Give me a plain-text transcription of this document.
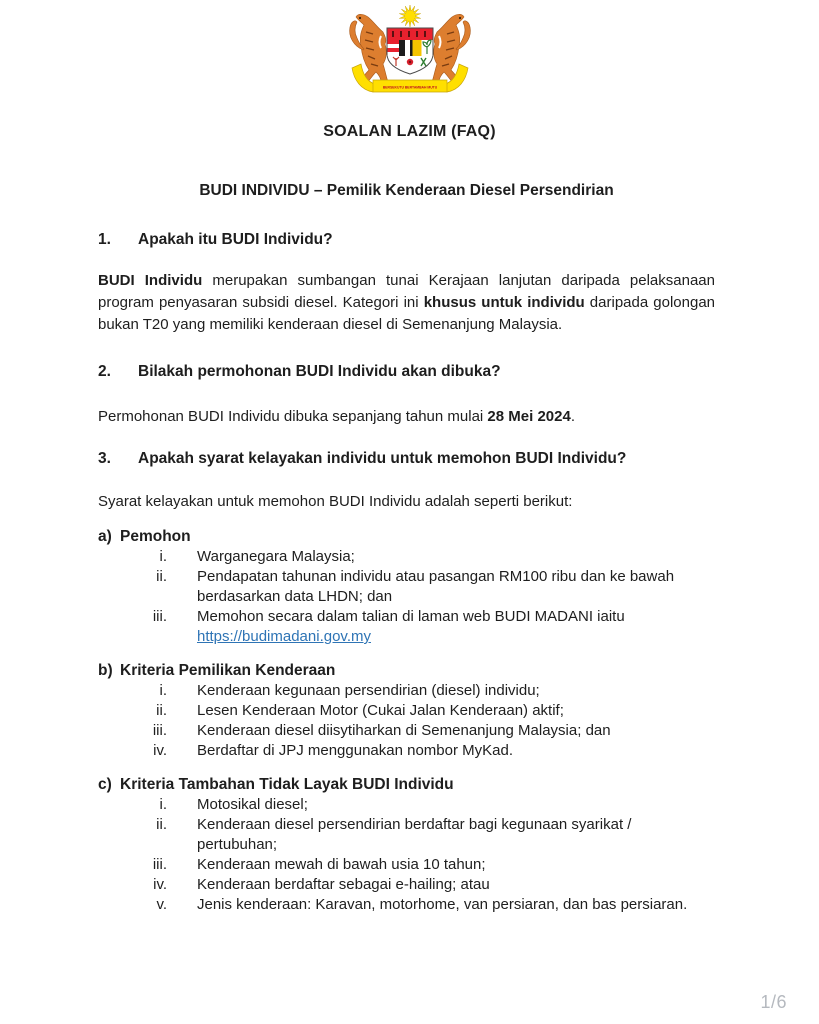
BERSEKUTU BERTAMBAH MUTU
SOALAN LAZIM (FAQ)
BUDI INDIVIDU – Pemilik Kenderaan Diesel Persendirian
1.	Apakah itu BUDI Individu?
BUDI Individu merupakan sumbangan tunai Kerajaan lanjutan daripada pelaksanaan program penyasaran subsidi diesel. Kategori ini khusus untuk individu daripada golongan bukan T20 yang memiliki kenderaan diesel di Semenanjung Malaysia.
2.	Bilakah permohonan BUDI Individu akan dibuka?
Permohonan BUDI Individu dibuka sepanjang tahun mulai 28 Mei 2024.
3.	Apakah syarat kelayakan individu untuk memohon BUDI Individu?
Syarat kelayakan untuk memohon BUDI Individu adalah seperti berikut:
a) Pemohon
i. Warganegara Malaysia;
ii. Pendapatan tahunan individu atau pasangan RM100 ribu dan ke bawah berdasarkan data LHDN; dan
iii. Memohon secara dalam talian di laman web BUDI MADANI iaitu https://budimadani.gov.my
b) Kriteria Pemilikan Kenderaan
i. Kenderaan kegunaan persendirian (diesel) individu;
ii. Lesen Kenderaan Motor (Cukai Jalan Kenderaan) aktif;
iii. Kenderaan diesel diisytiharkan di Semenanjung Malaysia; dan
iv. Berdaftar di JPJ menggunakan nombor MyKad.
c) Kriteria Tambahan Tidak Layak BUDI Individu
i. Motosikal diesel;
ii. Kenderaan diesel persendirian berdaftar bagi kegunaan syarikat / pertubuhan;
iii. Kenderaan mewah di bawah usia 10 tahun;
iv. Kenderaan berdaftar sebagai e-hailing; atau
v. Jenis kenderaan: Karavan, motorhome, van persiaran, dan bas persiaran.
1/6
